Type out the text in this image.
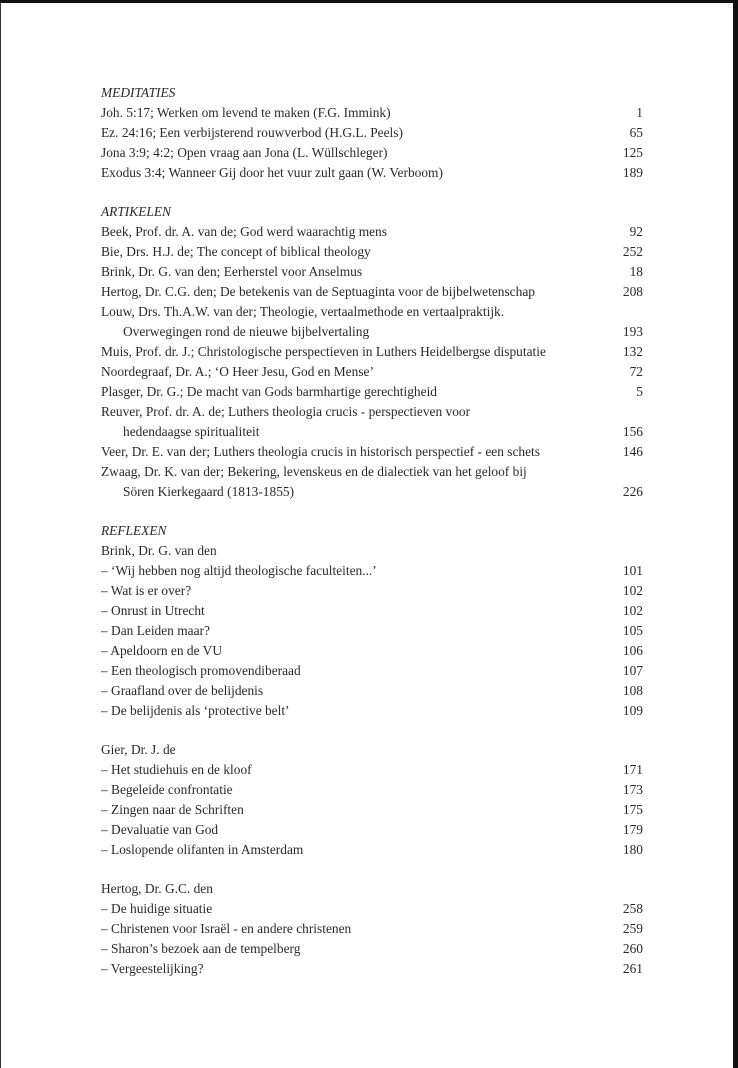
MEDITATIES
Joh. 5:17; Werken om levend te maken (F.G. Immink)	1
Ez. 24:16; Een verbijsterend rouwverbod (H.G.L. Peels)	65
Jona 3:9; 4:2; Open vraag aan Jona (L. Wüllschleger)	125
Exodus 3:4; Wanneer Gij door het vuur zult gaan (W. Verboom)	189
ARTIKELEN
Beek, Prof. dr. A. van de; God werd waarachtig mens	92
Bie, Drs. H.J. de; The concept of biblical theology	252
Brink, Dr. G. van den; Eerherstel voor Anselmus	18
Hertog, Dr. C.G. den; De betekenis van de Septuaginta voor de bijbelwetenschap	208
Louw, Drs. Th.A.W. van der; Theologie, vertaalmethode en vertaalpraktijk.
Overwegingen rond de nieuwe bijbelvertaling	193
Muis, Prof. dr. J.; Christologische perspectieven in Luthers Heidelbergse disputatie	132
Noordegraaf, Dr. A.; ‘O Heer Jesu, God en Mense’	72
Plasger, Dr. G.; De macht van Gods barmhartige gerechtigheid	5
Reuver, Prof. dr. A. de; Luthers theologia crucis - perspectieven voor
hedendaagse spiritualiteit	156
Veer, Dr. E. van der; Luthers theologia crucis in historisch perspectief - een schets	146
Zwaag, Dr. K. van der; Bekering, levenskeus en de dialectiek van het geloof bij
Sören Kierkegaard (1813-1855)	226
REFLEXEN
Brink, Dr. G. van den
– ‘Wij hebben nog altijd theologische faculteiten...’	101
– Wat is er over?	102
– Onrust in Utrecht	102
– Dan Leiden maar?	105
– Apeldoorn en de VU	106
– Een theologisch promovendiberaad	107
– Graafland over de belijdenis	108
– De belijdenis als ‘protective belt’	109
Gier, Dr. J. de
– Het studiehuis en de kloof	171
– Begeleide confrontatie	173
– Zingen naar de Schriften	175
– Devaluatie van God	179
– Loslopende olifanten in Amsterdam	180
Hertog, Dr. G.C. den
– De huidige situatie	258
– Christenen voor Israël - en andere christenen	259
– Sharon’s bezoek aan de tempelberg	260
– Vergeestelijking?	261
